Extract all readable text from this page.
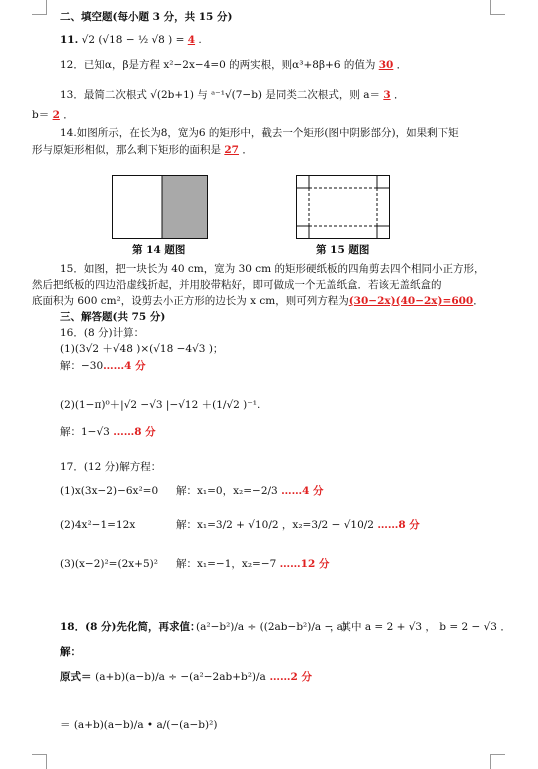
二、填空题(每小题 3 分，共 15 分)
11. √2 (√18 − ½ √8 ) = 4 .
12．已知α，β是方程 x²−2x−4=0 的两实根，则α³+8β+6 的值为 30 ．
13．最简二次根式 √(2b+1) 与 ᵃ⁻¹√(7−b) 是同类二次根式，则 a＝ 3 ．
b＝ 2 ．
14.如图所示，在长为8，宽为6 的矩形中，截去一个矩形(图中阴影部分)，如果剩下矩
形与原矩形相似，那么剩下矩形的面积是 27 ．
第 14 题图	第 15 题图
15．如图，把一块长为 40 cm，宽为 30 cm 的矩形硬纸板的四角剪去四个相同小正方形，
然后把纸板的四边沿虚线折起，并用胶带粘好，即可做成一个无盖纸盒．若该无盖纸盒的
底面积为 600 cm²，设剪去小正方形的边长为 x cm，则可列方程为(30−2x)(40−2x)=600．
三、解答题(共 75 分)
16．(8 分)计算：
(1)(3√2 ＋√48 )×(√18 −4√3 )；
解：−30……4 分
(2)(1−π)⁰＋|√2 −√3 |−√12 ＋(1/√2 )⁻¹.
解：1−√3 ……8 分
17．(12 分)解方程：
(1)x(3x−2)−6x²=0 解：x₁=0，x₂=−2/3 ……4 分
(2)4x²−1=12x	解：x₁=3/2 + √10/2 ，x₂=3/2 − √10/2 ……8 分
(3)(x−2)²=(2x+5)² 解：x₁=−1，x₂=−7 ……12 分
18．(8 分)先化简，再求值：
(a²−b²)/a ÷ ((2ab−b²)/a − a)
，其中 a = 2 + √3 ， b = 2 − √3 ．
解：
原式＝ (a+b)(a−b)/a ÷ −(a²−2ab+b²)/a ……2 分
＝ (a+b)(a−b)/a • a/(−(a−b)²)
